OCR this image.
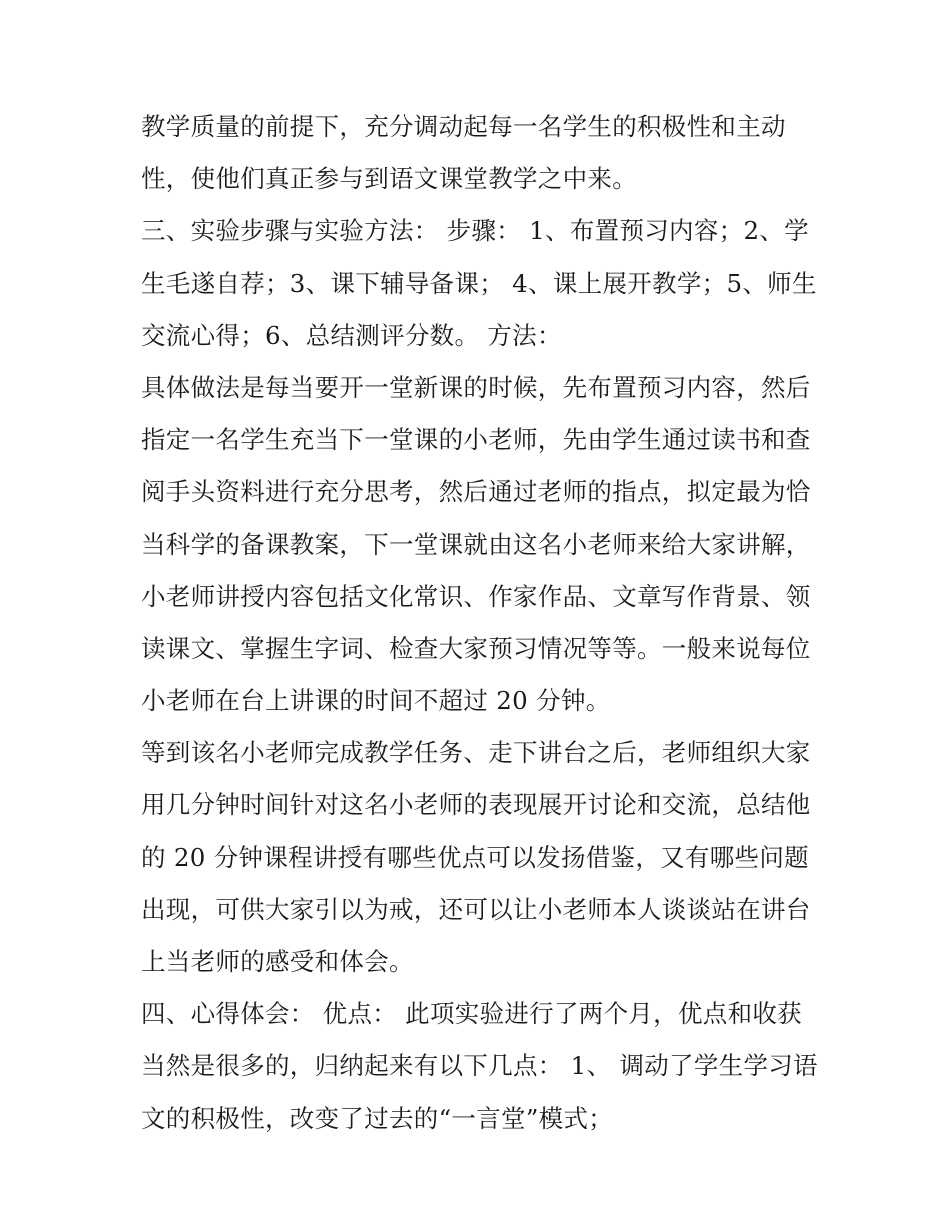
教学质量的前提下，充分调动起每一名学生的积极性和主动
性，使他们真正参与到语文课堂教学之中来。
三、实验步骤与实验方法： 步骤： 1、布置预习内容；2、学
生毛遂自荐；3、课下辅导备课； 4、课上展开教学；5、师生
交流心得；6、总结测评分数。 方法：
具体做法是每当要开一堂新课的时候，先布置预习内容，然后
指定一名学生充当下一堂课的小老师，先由学生通过读书和查
阅手头资料进行充分思考，然后通过老师的指点，拟定最为恰
当科学的备课教案，下一堂课就由这名小老师来给大家讲解，
小老师讲授内容包括文化常识、作家作品、文章写作背景、领
读课文、掌握生字词、检查大家预习情况等等。一般来说每位
小老师在台上讲课的时间不超过 20 分钟。
等到该名小老师完成教学任务、走下讲台之后，老师组织大家
用几分钟时间针对这名小老师的表现展开讨论和交流，总结他
的 20 分钟课程讲授有哪些优点可以发扬借鉴，又有哪些问题
出现，可供大家引以为戒，还可以让小老师本人谈谈站在讲台
上当老师的感受和体会。
四、心得体会： 优点： 此项实验进行了两个月，优点和收获
当然是很多的，归纳起来有以下几点： 1、 调动了学生学习语
文的积极性，改变了过去的“一言堂”模式；
